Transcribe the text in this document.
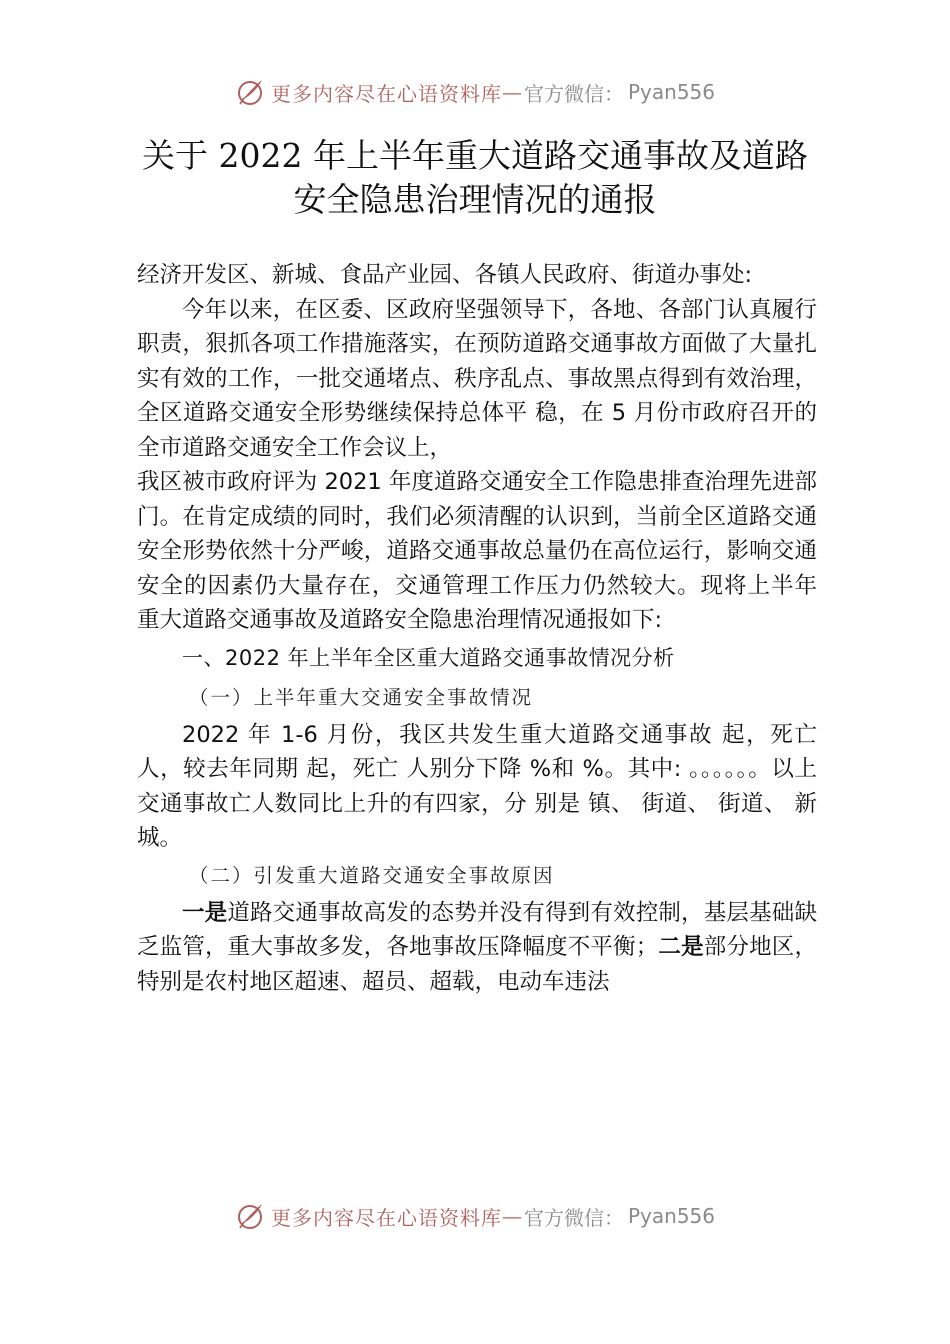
更多内容尽在心语资料库 — 官方微信： Pyan556
关于 2022 年上半年重大道路交通事故及道路安全隐患治理情况的通报

经济开发区、新城、食品产业园、各镇人民政府、街道办事处:

今年以来，在区委、区政府坚强领导下，各地、各部门认真履行职责，狠抓各项工作措施落实，在预防道路交通事故方面做了大量扎实有效的工作，一批交通堵点、秩序乱点、事故黑点得到有效治理，全区道路交通安全形势继续保持总体平 稳，在 5 月份市政府召开的全市道路交通安全工作会议上，

我区被市政府评为 2021 年度道路交通安全工作隐患排查治理先进部门。在肯定成绩的同时，我们必须清醒的认识到，当前全区道路交通安全形势依然十分严峻，道路交通事故总量仍在高位运行，影响交通安全的因素仍大量存在，交通管理工作压力仍然较大。现将上半年 重大道路交通事故及道路安全隐患治理情况通报如下:

一、2022 年上半年全区重大道路交通事故情况分析

（一）上半年重大交通安全事故情况

2022 年 1-6 月份，我区共发生重大道路交通事故 起，死亡 人，较去年同期 起，死亡 人别分下降 %和 %。其中: 。。。。。。以上交通事故亡人数同比上升的有四家，分 别是 镇、 街道、 街道、 新城。

（二）引发重大道路交通安全事故原因

一是道路交通事故高发的态势并没有得到有效控制，基层基础缺乏监管，重大事故多发，各地事故压降幅度不平衡；二是部分地区，特别是农村地区超速、超员、超载，电动车违法

更多内容尽在心语资料库 — 官方微信： Pyan556
